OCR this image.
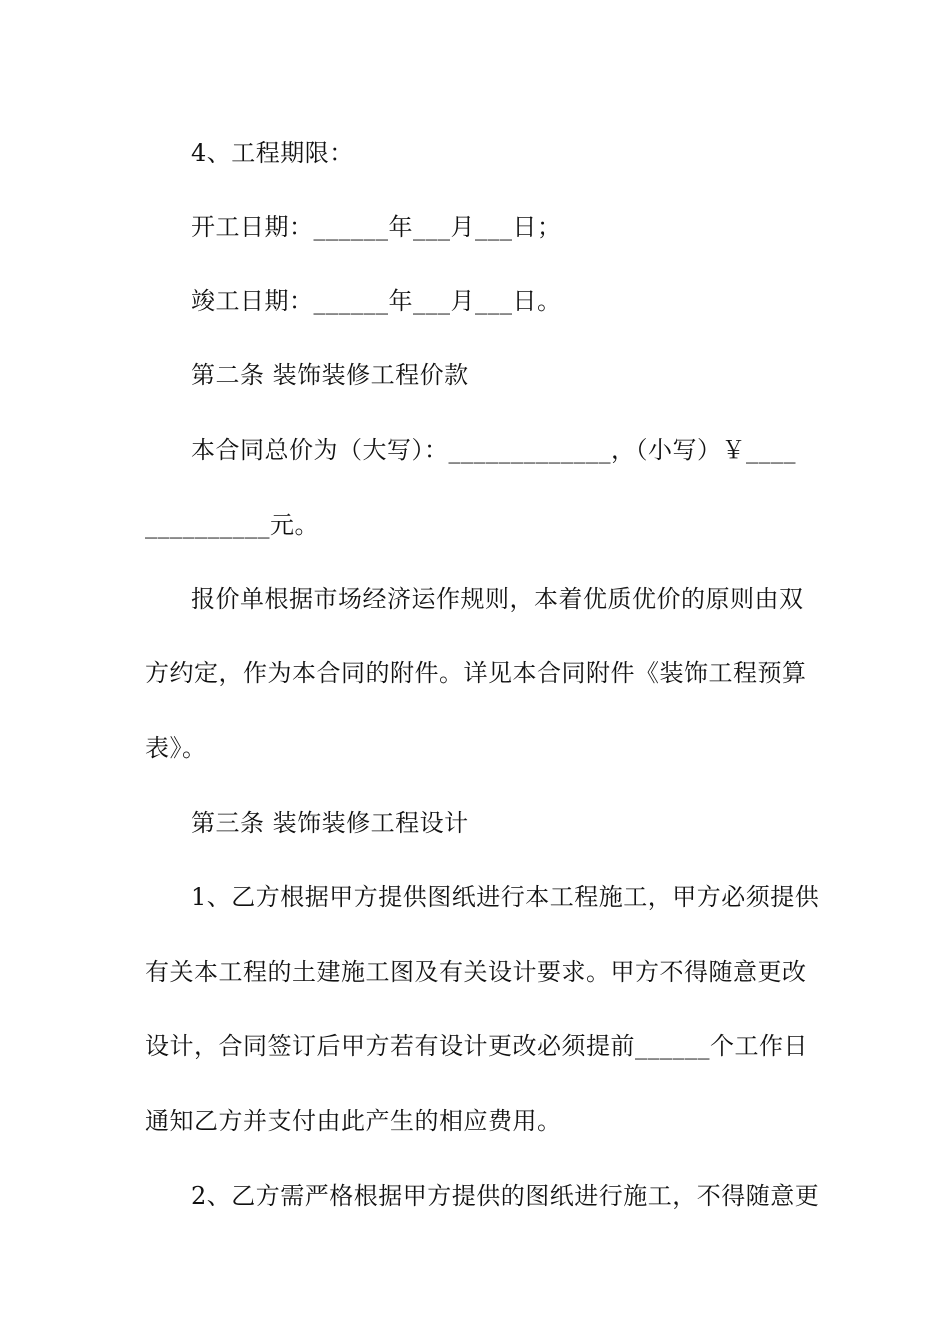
4、工程期限：
开工日期：______年___月___日；
竣工日期：______年___月___日。
第二条 装饰装修工程价款
本合同总价为（大写）：_____________，（小写）￥____
__________元。
报价单根据市场经济运作规则，本着优质优价的原则由双
方约定，作为本合同的附件。详见本合同附件《装饰工程预算
表》。
第三条 装饰装修工程设计
1、乙方根据甲方提供图纸进行本工程施工，甲方必须提供
有关本工程的土建施工图及有关设计要求。甲方不得随意更改
设计，合同签订后甲方若有设计更改必须提前______个工作日
通知乙方并支付由此产生的相应费用。
2、乙方需严格根据甲方提供的图纸进行施工，不得随意更
